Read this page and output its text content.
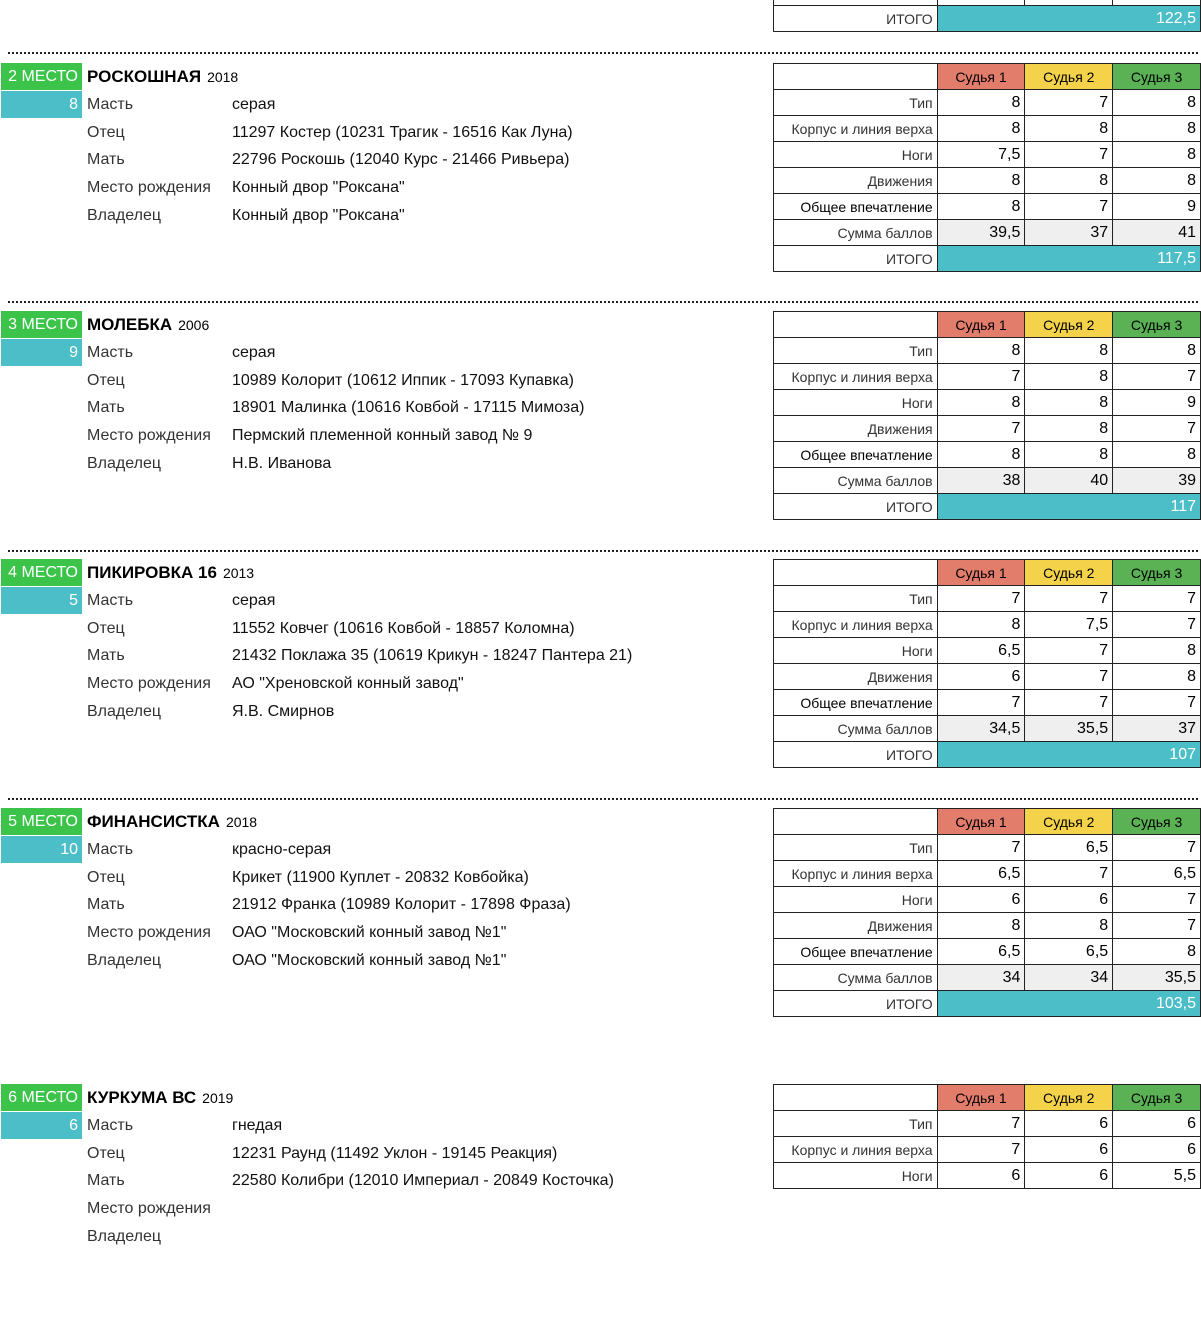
ИТОГО	122,5		
2 МЕСТО
8
РОСКОШНАЯ 2018
Масть	серая
Отец	11297 Костер (10231 Трагик - 16516 Как Луна)
Мать	22796 Роскошь (12040 Курс - 21466 Ривьера)
Место рождения Конный двор "Роксана"
Владелец	Конный двор "Роксана"
	Судья 1	Судья 2	Судья 3
Тип	8	7	8
Корпус и линия верха	8	8	8
Ноги	7,5	7	8
Движения	8	8	8
Общее впечатление	8	7	9
Сумма баллов	39,5	37	41
ИТОГО	117,5		
3 МЕСТО
9
МОЛЕБКА 2006
Масть	серая
Отец	10989 Колорит (10612 Иппик - 17093 Купавка)
Мать	18901 Малинка (10616 Ковбой - 17115 Мимоза)
Место рождения Пермский племенной конный завод № 9
Владелец	Н.В. Иванова
	Судья 1	Судья 2	Судья 3
Тип	8	8	8
Корпус и линия верха	7	8	7
Ноги	8	8	9
Движения	7	8	7
Общее впечатление	8	8	8
Сумма баллов	38	40	39
ИТОГО	117		
4 МЕСТО
5
ПИКИРОВКА 16 2013
Масть	серая
Отец	11552 Ковчег (10616 Ковбой - 18857 Коломна)
Мать	21432 Поклажа 35 (10619 Крикун - 18247 Пантера 21)
Место рождения АО "Хреновской конный завод"
Владелец	Я.В. Смирнов
	Судья 1	Судья 2	Судья 3
Тип	7	7	7
Корпус и линия верха	8	7,5	7
Ноги	6,5	7	8
Движения	6	7	8
Общее впечатление	7	7	7
Сумма баллов	34,5	35,5	37
ИТОГО	107		
5 МЕСТО
10
ФИНАНСИСТКА 2018
Масть	красно-серая
Отец	Крикет (11900 Куплет - 20832 Ковбойка)
Мать	21912 Франка (10989 Колорит - 17898 Фраза)
Место рождения ОАО "Московский конный завод №1"
Владелец	ОАО "Московский конный завод №1"
	Судья 1	Судья 2	Судья 3
Тип	7	6,5	7
Корпус и линия верха	6,5	7	6,5
Ноги	6	6	7
Движения	8	8	7
Общее впечатление	6,5	6,5	8
Сумма баллов	34	34	35,5
ИТОГО	103,5		
6 МЕСТО
6
КУРКУМА ВС 2019
Масть	гнедая
Отец	12231 Раунд (11492 Уклон - 19145 Реакция)
Мать	22580 Колибри (12010 Империал - 20849 Косточка)
Место рождения
Владелец
	Судья 1	Судья 2	Судья 3
Тип	7	6	6
Корпус и линия верха	7	6	6
Ноги	6	6	5,5
